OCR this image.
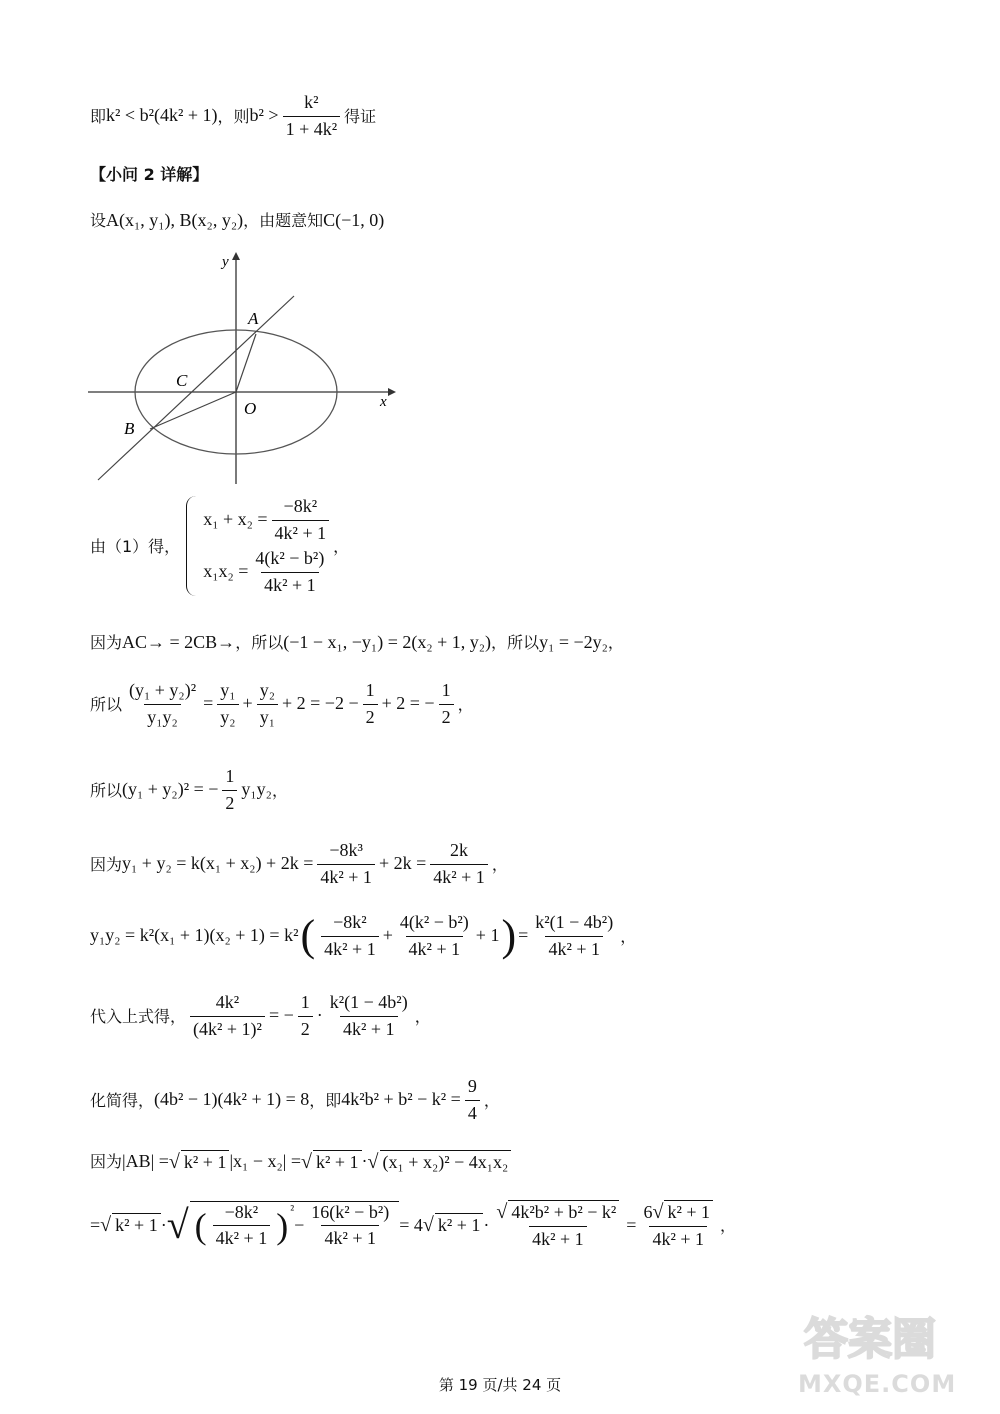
即 k² < b²(4k² + 1) ，则 $b^2 > \frac{\text{k²}}{\text{1 + 4k²}}$ 得证
【小问 2 详解】
设 A(x₁, y₁), B(x₂, y₂) ，由题意知 C(−1, 0)
y
x
A
B
C
O
由（1）得，
$x_1 + x_2 = \frac{\text{−8k²}}{\text{4k² + 1}}$
$x_1x_2 = \frac{\text{4(k² − b²)}}{\text{4k² + 1}}$
，
因为 AC→ = 2CB→ ，所以 (−1 − x₁, −y₁) = 2(x₂ + 1, y₂) ，所以 y₁ = −2y₂ ，
所以 $\frac{\text{(y₁ + y₂)²}}{\text{y₁y₂}} = \frac{\text{y₁}}{\text{y₂}} + \frac{\text{y₂}}{\text{y₁}} + 2 = -2 - \frac{1}{2} + 2$ = − $\frac{1}{2}$ ，
所以 (y₁ + y₂)² = − $\frac{1}{2} y_1y_2$ ，
因为 $y_1 + y_2 = k(x_1 + x_2) + 2k = \frac{\text{−8k³}}{\text{4k² + 1}} + 2k = \frac{2k}{\text{4k² + 1}}$ ，
y₁y₂ = k²(x₁ + 1)(x₂ + 1) = k² ( $\frac{\text{−8k²}}{\text{4k² + 1}} + \frac{\text{4(k² − b²)}}{\text{4k² + 1}} + 1$ ) = $\frac{\text{k²(1 − 4b²)}}{\text{4k² + 1}}$ ，
代入上式得， $\frac{\text{4k²}}{\text{(4k² + 1)²}}$ = − $\frac{1}{2} \cdot \frac{\text{k²(1 − 4b²)}}{\text{4k² + 1}}$ ，
化简得， (4b² − 1)(4k² + 1) = 8 ，即 $4k^2b^2 + b^2 - k^2 = \frac{9}{4}$ ，
因为 |AB| = √ k² + 1 |x₁ − x₂| = √ k² + 1 · √ (x₁ + x₂)² − 4x₁x₂
= √ k² + 1 · √ ( $\frac{\text{−8k²}}{\text{4k² + 1}}$ ) ²
− $\frac{\text{16(k² − b²)}}{\text{4k² + 1}} = 4$ √ $k^2 + 1 \cdot \frac{\text{√ 4k²b² + b² − k²}}{\text{4k² + 1}} = \frac{\text{6 √ k² + 1}}{\text{4k² + 1}}$ ，
答案圈
MXQE.COM
第 19 页/共 24 页
